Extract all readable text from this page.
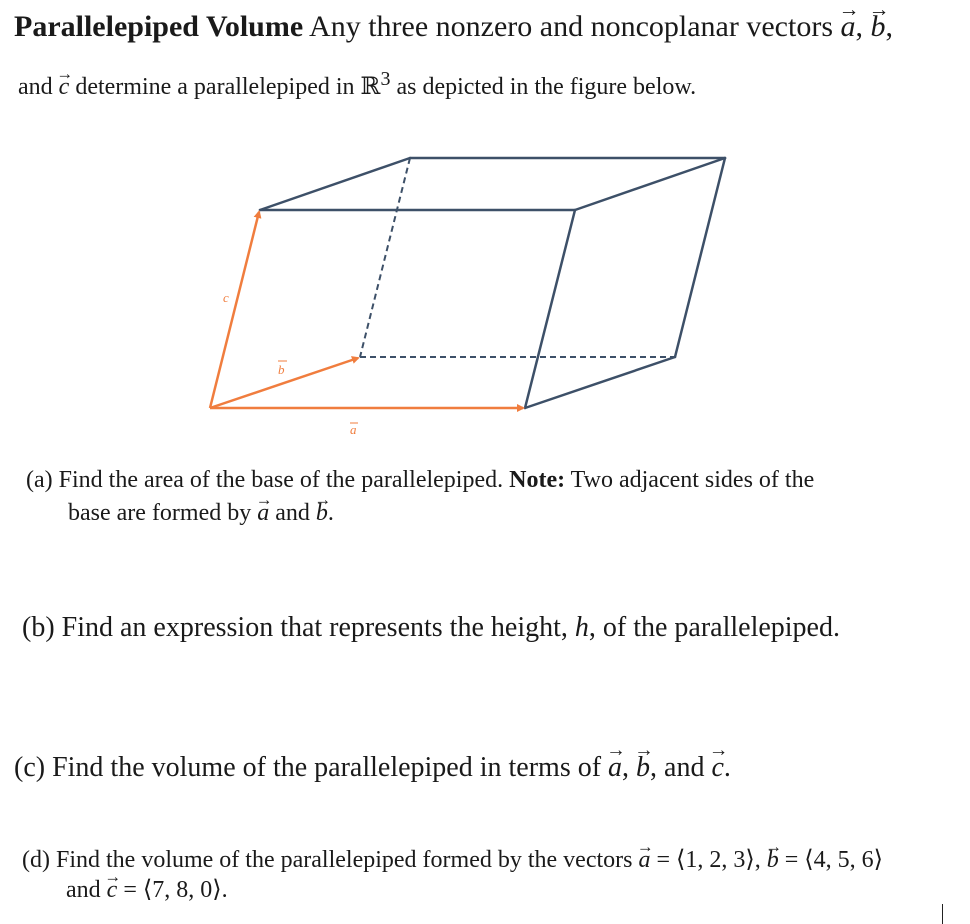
Parallelepiped Volume Any three nonzero and noncoplanar vectors → a, → b,
and → c determine a parallelepiped in ℝ$^3$ as depicted in the figure below.
a
b
c
(a) Find the area of the base of the parallelepiped. Note: Two adjacent sides of the
base are formed by → a and → b.
(b) Find an expression that represents the height, h, of the parallelepiped.
(c) Find the volume of the parallelepiped in terms of → a, → b, and → c.
(d) Find the volume of the parallelepiped formed by the vectors → a = ⟨1, 2, 3⟩, → b = ⟨4, 5, 6⟩
and → c = ⟨7, 8, 0⟩.
